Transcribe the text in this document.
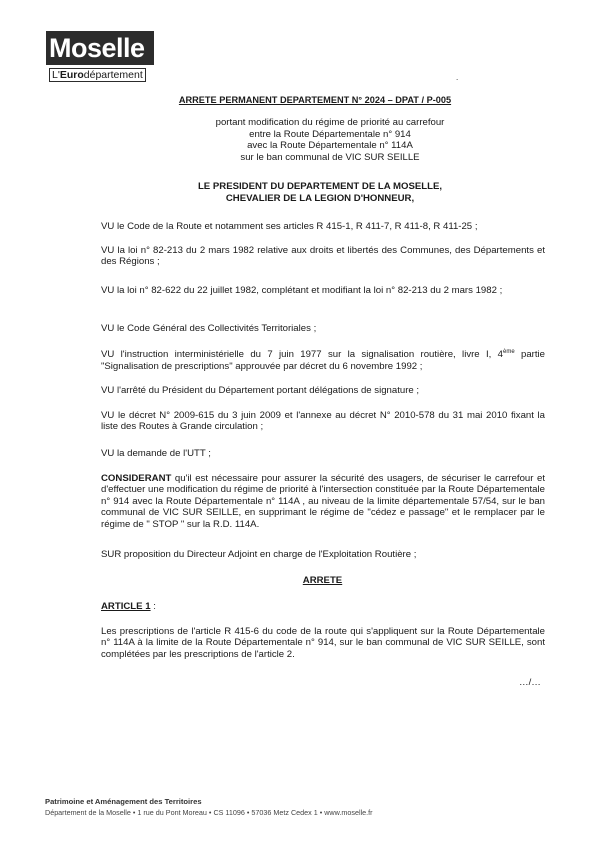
Moselle
L'Eurodépartement	.
ARRETE PERMANENT DEPARTEMENT N° 2024 – DPAT / P-005
portant modification du régime de priorité au carrefour
entre la Route Départementale n° 914
avec la Route Départementale n° 114A
sur le ban communal de VIC SUR SEILLE
LE PRESIDENT DU DEPARTEMENT DE LA MOSELLE,
CHEVALIER DE LA LEGION D'HONNEUR,
VU le Code de la Route et notamment ses articles R 415-1, R 411-7, R 411-8, R 411-25 ;
VU la loi n° 82-213 du 2 mars 1982 relative aux droits et libertés des Communes, des Départements et des Régions ;
VU la loi n° 82-622 du 22 juillet 1982, complétant et modifiant la loi n° 82-213 du 2 mars 1982 ;
VU le Code Général des Collectivités Territoriales ;
VU l'instruction interministérielle du 7 juin 1977 sur la signalisation routière, livre I, 4ème partie "Signalisation de prescriptions" approuvée par décret du 6 novembre 1992 ;
VU l'arrêté du Président du Département portant délégations de signature ;
VU le décret N° 2009-615 du 3 juin 2009 et l'annexe au décret N° 2010-578 du 31 mai 2010 fixant la liste des Routes à Grande circulation ;
VU la demande de l'UTT ;
CONSIDERANT qu'il est nécessaire pour assurer la sécurité des usagers, de sécuriser le carrefour et d'effectuer une modification du régime de priorité à l'intersection constituée par la Route Départementale n° 914 avec la Route Départementale n° 114A , au niveau de la limite départementale 57/54, sur le ban communal de VIC SUR SEILLE, en supprimant le régime de "cédez e passage" et le remplacer par le régime de " STOP " sur la R.D. 114A.
SUR proposition du Directeur Adjoint en charge de l'Exploitation Routière ;
ARRETE
ARTICLE 1 :
Les prescriptions de l'article R 415-6 du code de la route qui s'appliquent sur la Route Départementale n° 114A à la limite de la Route Départementale n° 914, sur le ban communal de VIC SUR SEILLE, sont complétées par les prescriptions de l'article 2.
…/…
Patrimoine et Aménagement des Territoires
Département de la Moselle • 1 rue du Pont Moreau • CS 11096 • 57036 Metz Cedex 1 • www.moselle.fr
